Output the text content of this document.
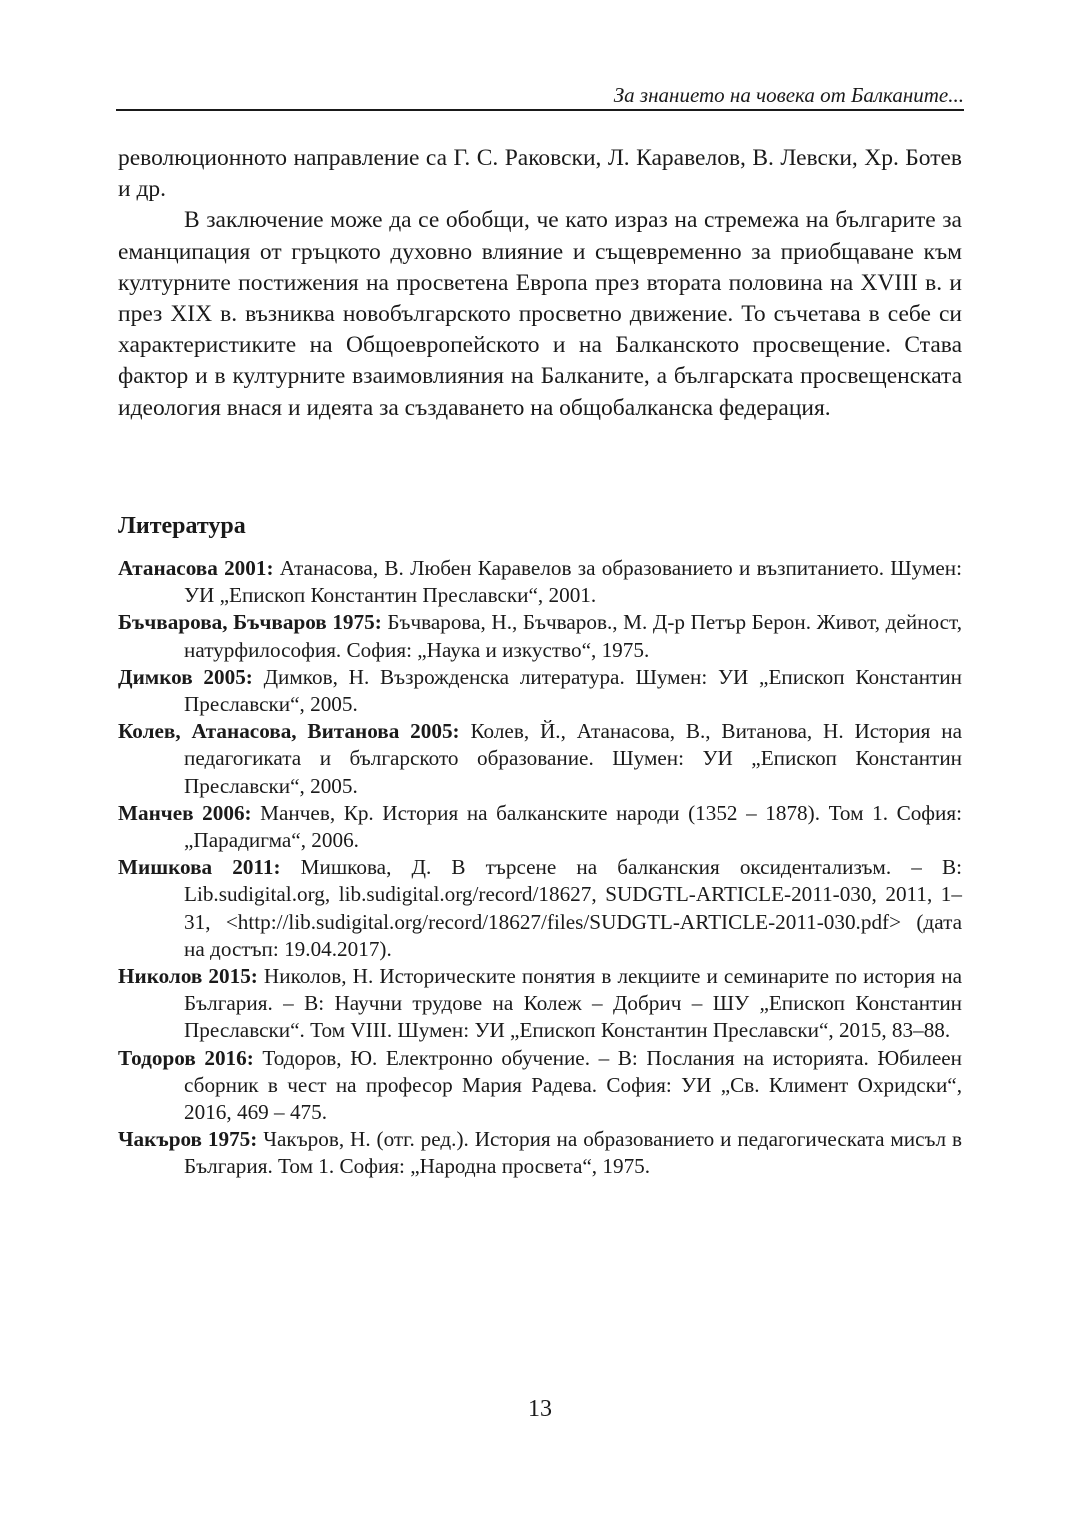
За знанието на човека от Балканите...

революционното направление са Г. С. Раковски, Л. Каравелов, В. Левски, Хр. Ботев и др.

В заключение може да се обобщи, че като израз на стремежа на българите за еманципация от гръцкото духовно влияние и същевременно за приобщаване към културните постижения на просветена Европа през втората половина на XVIII в. и през XIX в. възниква новобългарското просветно движение. То съчетава в себе си характеристиките на Общоевропейското и на Балканското просвещение. Става фактор и в културните взаимовлияния на Балканите, а българската просвещенската идеология внася и идеята за създаването на общобалканска федерация.

Литература
Атанасова 2001: Атанасова, В. Любен Каравелов за образованието и възпитанието. Шумен: УИ „Епископ Константин Преславски“, 2001.
Бъчварова, Бъчваров 1975: Бъчварова, Н., Бъчваров., М. Д-р Петър Берон. Живот, дейност, натурфилософия. София: „Наука и изкуство“, 1975.
Димков 2005: Димков, Н. Възрожденска литература. Шумен: УИ „Епископ Константин Преславски“, 2005.
Колев, Атанасова, Витанова 2005: Колев, Й., Атанасова, В., Витанова, Н. История на педагогиката и българското образование. Шумен: УИ „Епископ Константин Преславски“, 2005.
Манчев 2006: Манчев, Кр. История на балканските народи (1352 – 1878). Том 1. София: „Парадигма“, 2006.
Мишкова 2011: Мишкова, Д. В търсене на балканския оксидентализъм. – В: Lib.sudigital.org, lib.sudigital.org/record/18627, SUDGTL-ARTICLE-2011-030, 2011, 1–31, <http://lib.sudigital.org/record/18627/files/SUDGTL-ARTICLE-2011-030.pdf> (дата на достъп: 19.04.2017).
Николов 2015: Николов, Н. Историческите понятия в лекциите и семинарите по история на България. – В: Научни трудове на Колеж – Добрич – ШУ „Епископ Константин Преславски“. Том VIII. Шумен: УИ „Епископ Константин Преславски“, 2015, 83–88.
Тодоров 2016: Тодоров, Ю. Електронно обучение. – В: Послания на историята. Юбилеен сборник в чест на професор Мария Радева. София: УИ „Св. Климент Охридски“, 2016, 469 – 475.
Чакъров 1975: Чакъров, Н. (отг. ред.). История на образованието и педагогическата мисъл в България. Том 1. София: „Народна просвета“, 1975.
13
